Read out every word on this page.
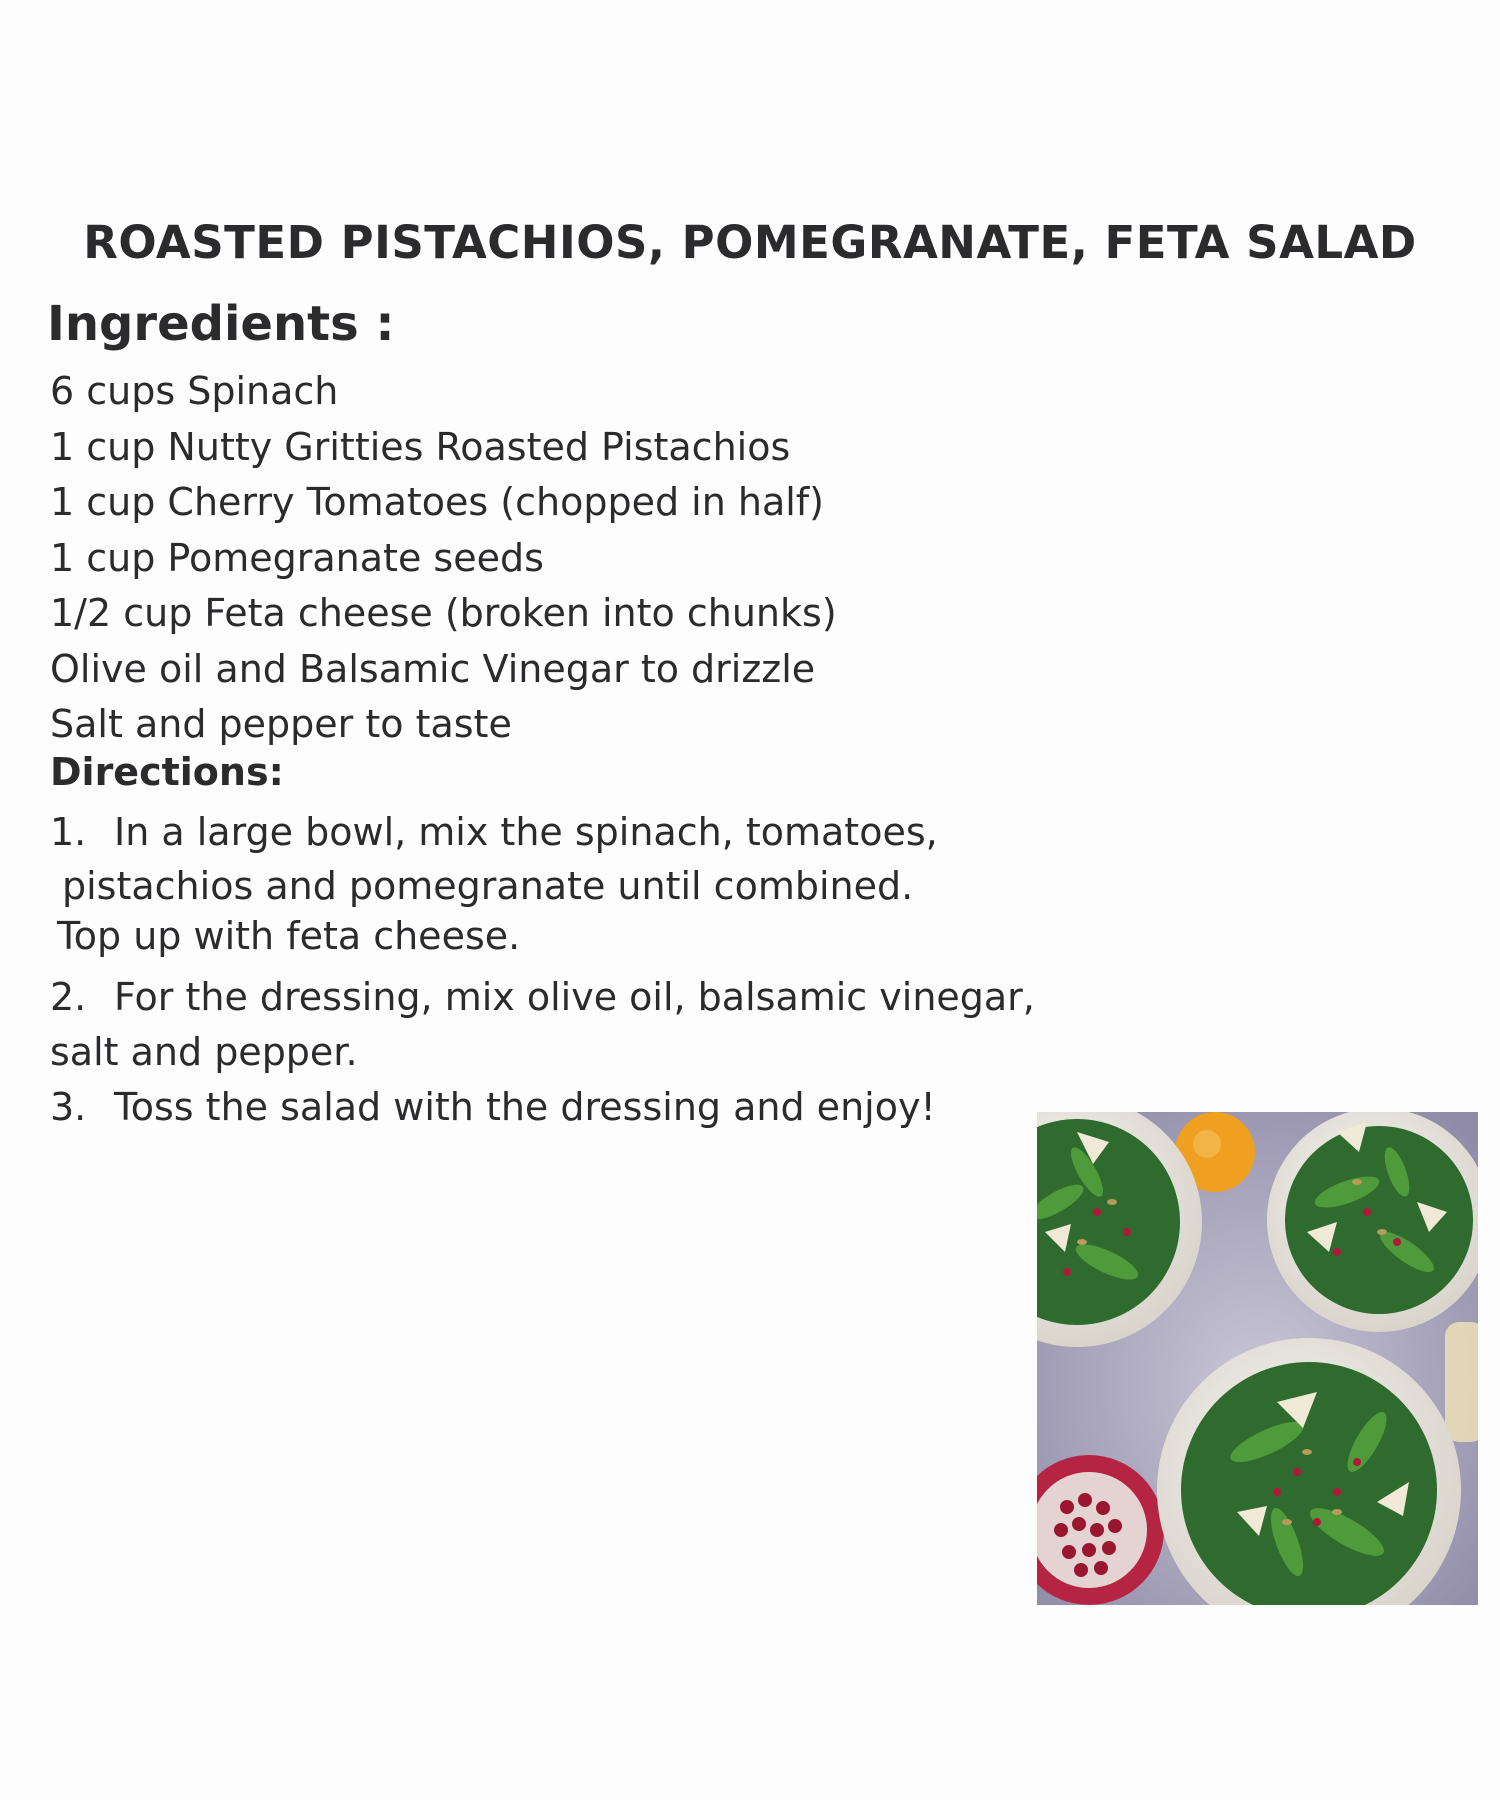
ROASTED PISTACHIOS, POMEGRANATE, FETA SALAD
Ingredients :
6 cups Spinach
1 cup Nutty Gritties Roasted Pistachios
1 cup Cherry Tomatoes (chopped in half)
1 cup Pomegranate seeds
1/2 cup Feta cheese (broken into chunks)
Olive oil and Balsamic Vinegar to drizzle
Salt and pepper to taste
Directions:
1. In a large bowl, mix the spinach, tomatoes,
pistachios and pomegranate until combined.
Top up with feta cheese.
2. For the dressing, mix olive oil, balsamic vinegar,
salt and pepper.
3. Toss the salad with the dressing and enjoy!
